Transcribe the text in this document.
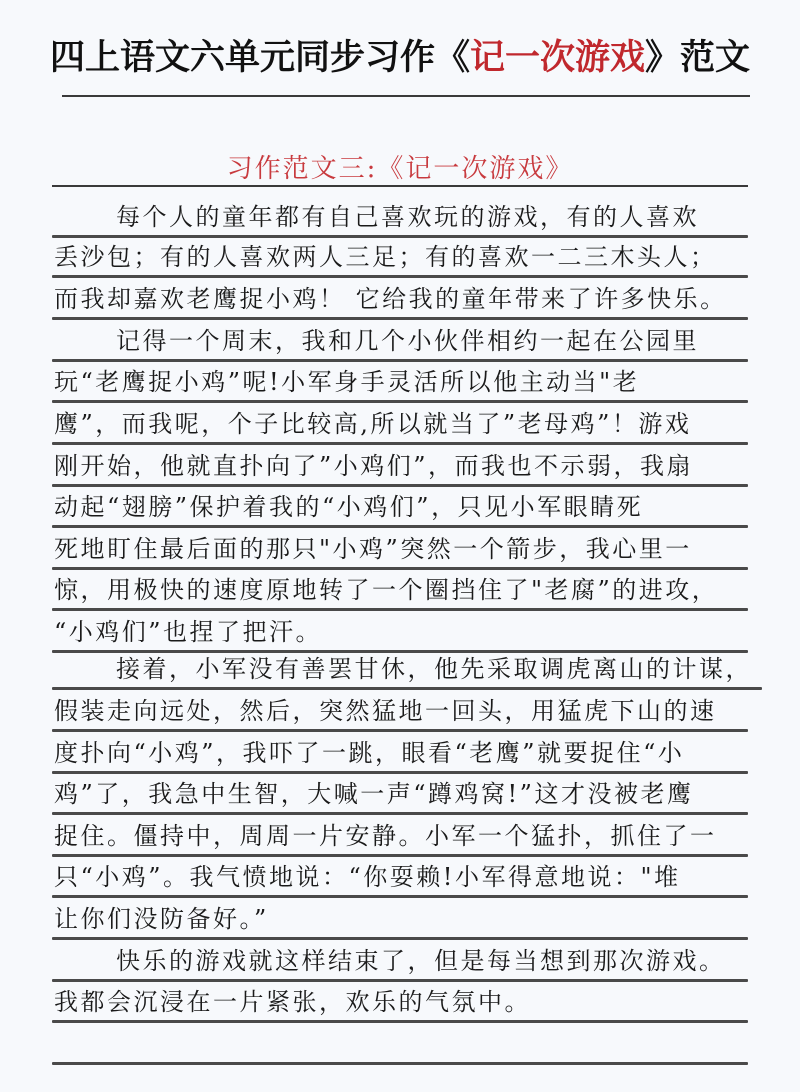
四上语文六单元同步习作《记一次游戏》范文
习作范文三:《记一次游戏》
每个人的童年都有自己喜欢玩的游戏，有的人喜欢
丢沙包；有的人喜欢两人三足；有的喜欢一二三木头人；
而我却嘉欢老鹰捉小鸡！ 它给我的童年带来了许多快乐。
记得一个周末，我和几个小伙伴相约一起在公园里
玩“老鹰捉小鸡”呢!小军身手灵活所以他主动当"老
鹰”，而我呢，个子比较高,所以就当了”老母鸡”！游戏
刚开始，他就直扑向了”小鸡们”，而我也不示弱，我扇
动起“翅膀”保护着我的“小鸡们”，只见小军眼睛死
死地盯住最后面的那只"小鸡”突然一个箭步，我心里一
惊，用极快的速度原地转了一个圈挡住了"老腐”的进攻，
“小鸡们”也捏了把汗。
接着，小军没有善罢甘休，他先采取调虎离山的计谋，
假装走向远处，然后，突然猛地一回头，用猛虎下山的速
度扑向“小鸡”，我吓了一跳，眼看“老鹰”就要捉住“小
鸡”了，我急中生智，大喊一声“蹲鸡窝!”这才没被老鹰
捉住。僵持中，周周一片安静。小军一个猛扑，抓住了一
只“小鸡”。我气愤地说：“你耍赖!小军得意地说："堆
让你们没防备好。”
快乐的游戏就这样结束了，但是每当想到那次游戏。
我都会沉浸在一片紧张，欢乐的气氛中。
